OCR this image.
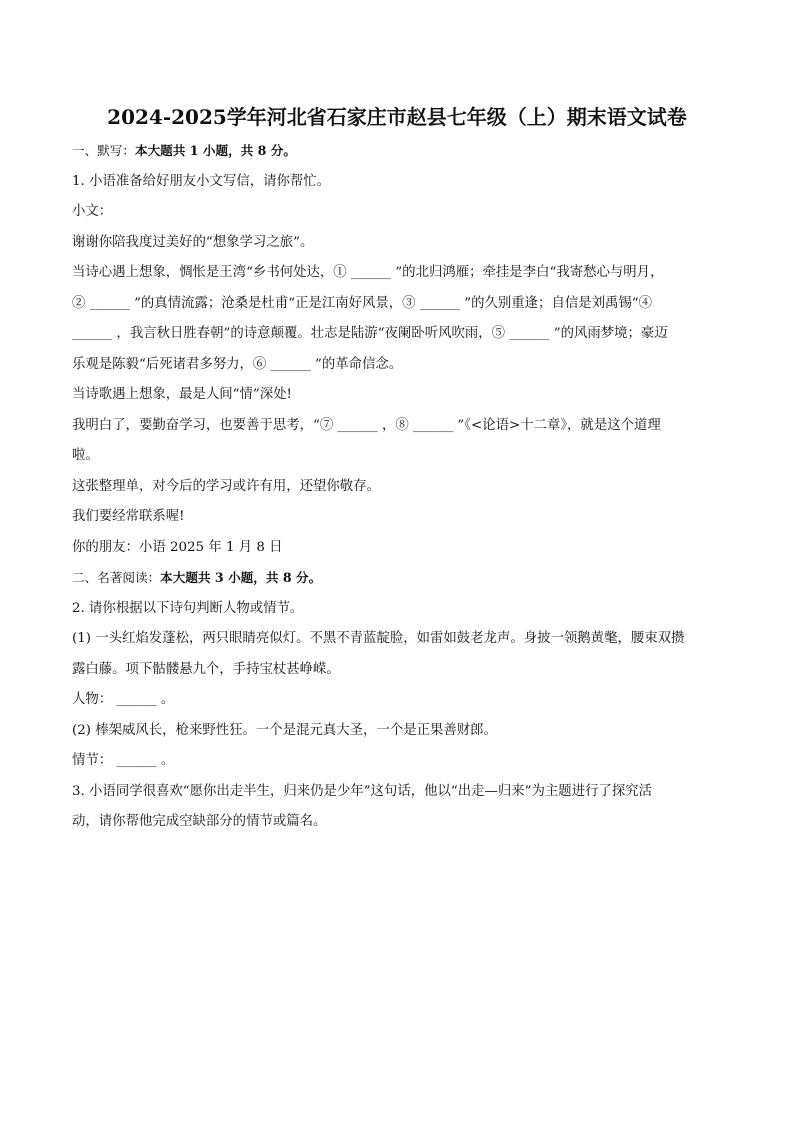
2024-2025学年河北省石家庄市赵县七年级（上）期末语文试卷

一、默写：本大题共 1 小题，共 8 分。

1. 小语准备给好朋友小文写信，请你帮忙。

小文：

谢谢你陪我度过美好的“想象学习之旅”。

当诗心遇上想象，惆怅是王湾“乡书何处达，① ______ ”的北归鸿雁；牵挂是李白“我寄愁心与明月，

② ______ ”的真情流露；沧桑是杜甫“正是江南好风景，③ ______ ”的久别重逢；自信是刘禹锡“④

______ ，我言秋日胜春朝”的诗意颠覆。壮志是陆游“夜阑卧听风吹雨，⑤ ______ ”的风雨梦境；豪迈

乐观是陈毅“后死诸君多努力，⑥ ______ ”的革命信念。

当诗歌遇上想象，最是人间“情”深处!

我明白了，要勤奋学习，也要善于思考，“⑦ ______ ，⑧ ______ ”《<论语>十二章》，就是这个道理

啦。

这张整理单，对今后的学习或许有用，还望你敬存。

我们要经常联系喔!

你的朋友：小语 2025 年 1 月 8 日

二、名著阅读：本大题共 3 小题，共 8 分。

2. 请你根据以下诗句判断人物或情节。

(1) 一头红焰发蓬松，两只眼睛亮似灯。不黑不青蓝靛脸，如雷如鼓老龙声。身披一领鹅黄氅，腰束双攒

露白藤。项下骷髅悬九个，手持宝杖甚峥嵘。

人物： ______ 。

(2) 棒架威风长，枪来野性狂。一个是混元真大圣，一个是正果善财郎。

情节： ______ 。

3. 小语同学很喜欢“愿你出走半生，归来仍是少年”这句话，他以“出走—归来”为主题进行了探究活

动，请你帮他完成空缺部分的情节或篇名。
